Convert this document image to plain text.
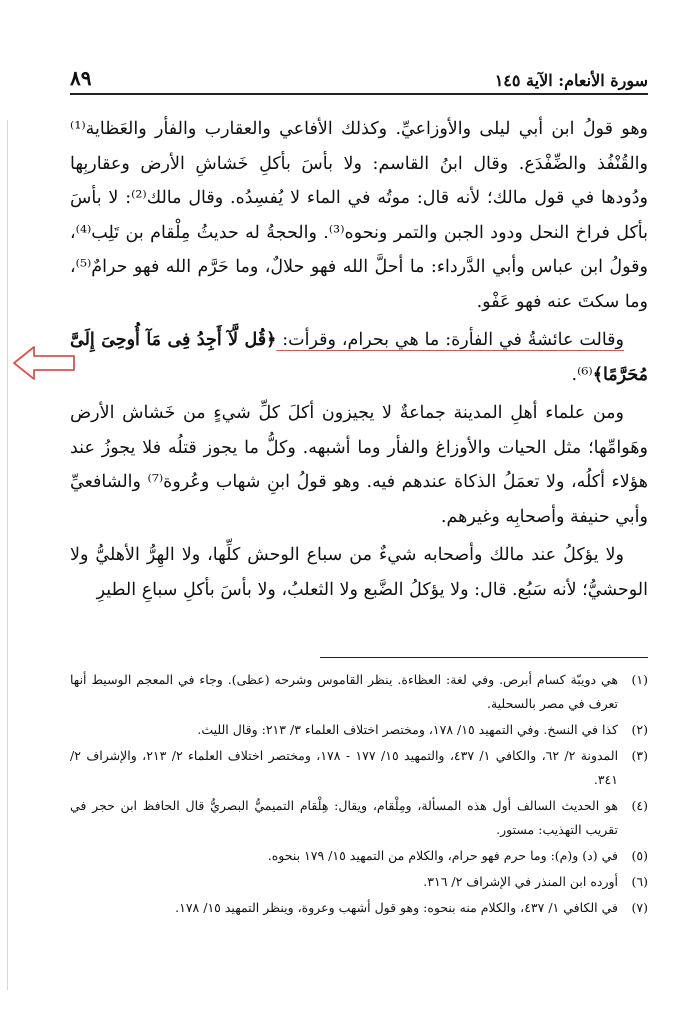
سورة الأنعام: الآية ١٤٥
٨٩

وهو قولُ ابن أبي ليلى والأوزاعيِّ. وكذلك الأفاعي والعقارب والفأر والعَظاية⁽¹⁾ والقُنْفُذ والضِّفْدَع. وقال ابنُ القاسم: ولا بأسَ بأكلِ خَشاشِ الأرض وعقاربِها ودُودها في قول مالك؛ لأنه قال: موتُه في الماء لا يُفسِدُه. وقال مالك⁽²⁾: لا بأسَ بأكل فراخ النحل ودود الجبن والتمر ونحوه⁽³⁾. والحجةُ له حديثُ مِلْقام بن تَلِب⁽⁴⁾، وقولُ ابن عباس وأبي الدَّرداء: ما أحلَّ الله فهو حلالٌ، وما حَرَّم الله فهو حرامٌ⁽⁵⁾، وما سكتَ عنه فهو عَفْو.

وقالت عائشةُ في الفأرة: ما هي بحرام، وقرأت: ﴿قُل لَّآ أَجِدُ فِى مَآ أُوحِىَ إِلَىَّ مُحَرَّمًا﴾⁽⁶⁾.

ومن علماء أهلِ المدينة جماعةٌ لا يجيزون أكلَ كلِّ شيءٍ من خَشاش الأرض وهَوامِّها؛ مثل الحيات والأوزاغ والفأر وما أشبهه. وكلُّ ما يجوز قتلُه فلا يجوزُ عند هؤلاء أكلُه، ولا تعمَلُ الذكاة عندهم فيه. وهو قولُ ابنِ شهاب وعُروة⁽⁷⁾ والشافعيِّ وأبي حنيفة وأصحابِه وغيرهم.

ولا يؤكلُ عند مالك وأصحابه شيءٌ من سباع الوحش كلِّها، ولا الهِرُّ الأهليُّ ولا الوحشيُّ؛ لأنه سَبُع. قال: ولا يؤكلُ الضَّبع ولا الثعلبُ، ولا بأسَ بأكلِ سباعِ الطيرِ

(١)
هي دويبّة كسام أبرص. وفي لغة: العظاءة. ينظر القاموس وشرحه (عظى). وجاء في المعجم الوسيط أنها تعرف في مصر بالسحلية.
(٢)
كذا في النسخ. وفي التمهيد ١٥/ ١٧٨، ومختصر اختلاف العلماء ٣/ ٢١٣: وقال الليث.
(٣)
المدونة ٢/ ٦٢، والكافي ١/ ٤٣٧، والتمهيد ١٥/ ١٧٧ - ١٧٨، ومختصر اختلاف العلماء ٢/ ٢١٣، والإشراف ٢/ ٣٤١.
(٤)
هو الحديث السالف أول هذه المسألة، ومِلْقام، ويقال: هِلْقام التميميُّ البصريُّ قال الحافظ ابن حجر في تقريب التهذيب: مستور.
(٥)
في (د) و(م): وما حرم فهو حرام، والكلام من التمهيد ١٥/ ١٧٩ بنحوه.
(٦)
أورده ابن المنذر في الإشراف ٢/ ٣١٦.
(٧)
في الكافي ١/ ٤٣٧، والكلام منه بنحوه: وهو قول أشهب وعروة، وينظر التمهيد ١٥/ ١٧٨.
